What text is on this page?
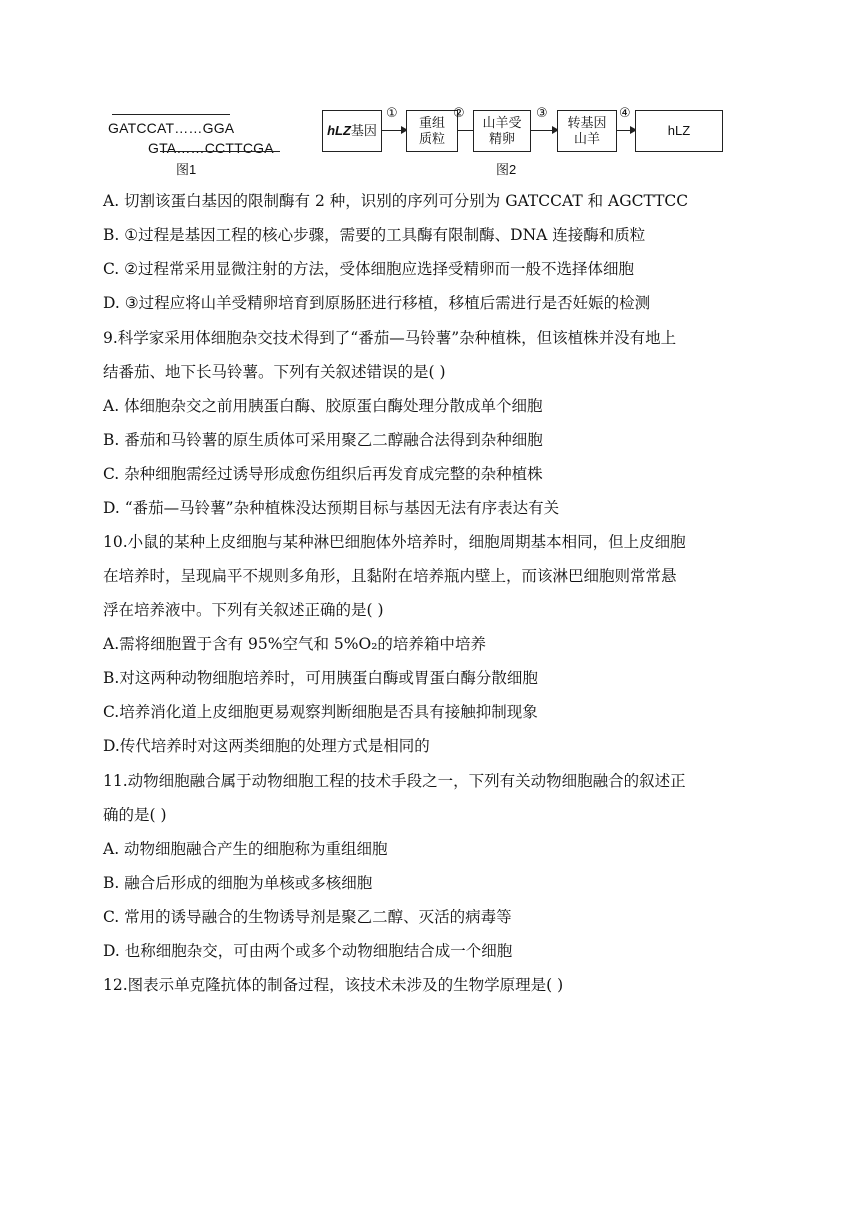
GATCCAT……GGA
GTA……CCTTCGA
图1
hLZ基因
①
重组
质粒
②
山羊受
精卵
③
转基因
山羊
④
hLZ
图2
A. 切割该蛋白基因的限制酶有 2 种，识别的序列可分别为 GATCCAT 和 AGCTTCC
B. ①过程是基因工程的核心步骤，需要的工具酶有限制酶、DNA 连接酶和质粒
C. ②过程常采用显微注射的方法，受体细胞应选择受精卵而一般不选择体细胞
D. ③过程应将山羊受精卵培育到原肠胚进行移植，移植后需进行是否妊娠的检测
9.科学家采用体细胞杂交技术得到了“番茄—马铃薯”杂种植株，但该植株并没有地上
结番茄、地下长马铃薯。下列有关叙述错误的是( )
A. 体细胞杂交之前用胰蛋白酶、胶原蛋白酶处理分散成单个细胞
B. 番茄和马铃薯的原生质体可采用聚乙二醇融合法得到杂种细胞
C. 杂种细胞需经过诱导形成愈伤组织后再发育成完整的杂种植株
D. “番茄—马铃薯”杂种植株没达预期目标与基因无法有序表达有关
10.小鼠的某种上皮细胞与某种淋巴细胞体外培养时，细胞周期基本相同，但上皮细胞
在培养时，呈现扁平不规则多角形，且黏附在培养瓶内壁上，而该淋巴细胞则常常悬
浮在培养液中。下列有关叙述正确的是( )
A.需将细胞置于含有 95%空气和 5%O₂的培养箱中培养
B.对这两种动物细胞培养时，可用胰蛋白酶或胃蛋白酶分散细胞
C.培养消化道上皮细胞更易观察判断细胞是否具有接触抑制现象
D.传代培养时对这两类细胞的处理方式是相同的
11.动物细胞融合属于动物细胞工程的技术手段之一，下列有关动物细胞融合的叙述正
确的是( )
A. 动物细胞融合产生的细胞称为重组细胞
B. 融合后形成的细胞为单核或多核细胞
C. 常用的诱导融合的生物诱导剂是聚乙二醇、灭活的病毒等
D. 也称细胞杂交，可由两个或多个动物细胞结合成一个细胞
12.图表示单克隆抗体的制备过程，该技术未涉及的生物学原理是( )
